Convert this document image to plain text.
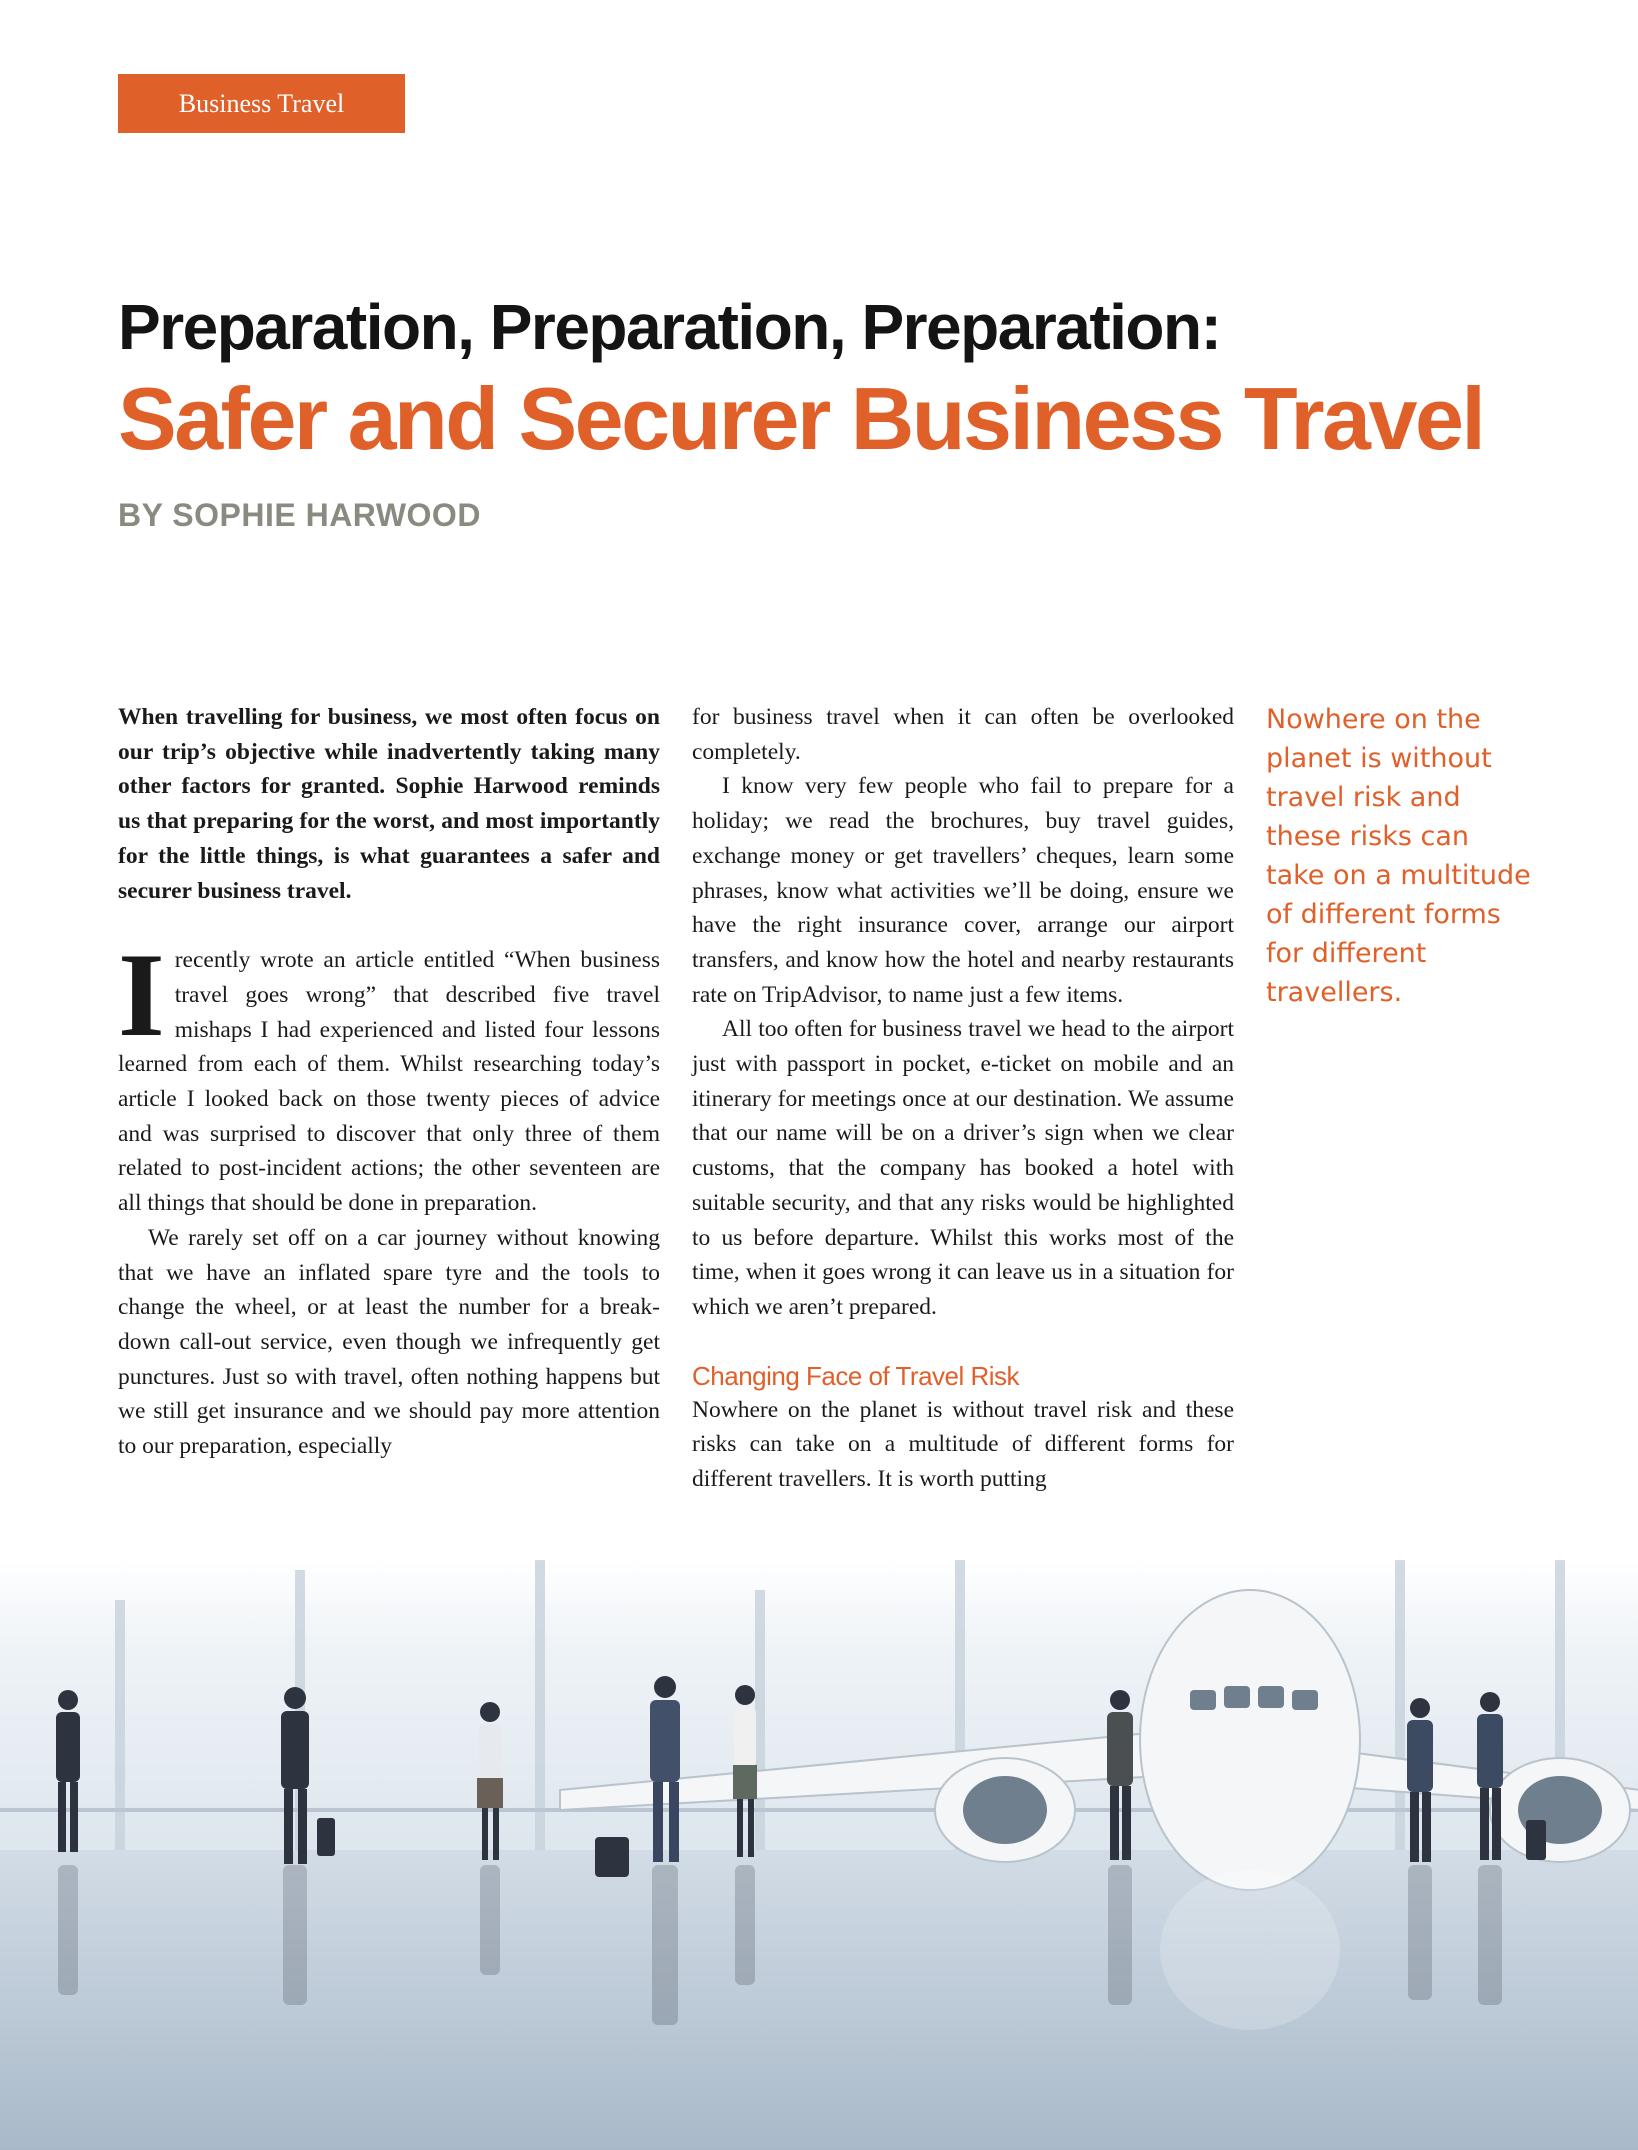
Business Travel
Preparation, Preparation, Preparation:
Safer and Securer Business Travel
BY SOPHIE HARWOOD

When travelling for business, we most often focus on our trip’s objective while inadvertently taking many other factors for granted. Sophie Harwood reminds us that preparing for the worst, and most importantly for the little things, is what guarantees a safer and securer business travel.

Irecently wrote an article entitled “When business travel goes wrong” that described five travel mishaps I had experienced and listed four lessons learned from each of them. Whilst researching today’s article I looked back on those twenty pieces of advice and was surprised to discover that only three of them related to post-incident actions; the other seventeen are all things that should be done in preparation.

We rarely set off on a car journey without knowing that we have an inflated spare tyre and the tools to change the wheel, or at least the number for a break-down call-out service, even though we infrequently get punctures. Just so with travel, often nothing happens but we still get insurance and we should pay more attention to our preparation, especially

for business travel when it can often be overlooked completely.

I know very few people who fail to prepare for a holiday; we read the brochures, buy travel guides, exchange money or get travellers’ cheques, learn some phrases, know what activities we’ll be doing, ensure we have the right insurance cover, arrange our airport transfers, and know how the hotel and nearby restaurants rate on TripAdvisor, to name just a few items.

All too often for business travel we head to the airport just with passport in pocket, e-ticket on mobile and an itinerary for meetings once at our destination. We assume that our name will be on a driver’s sign when we clear customs, that the company has booked a hotel with suitable security, and that any risks would be highlighted to us before departure. Whilst this works most of the time, when it goes wrong it can leave us in a situation for which we aren’t prepared.

Changing Face of Travel Risk

Nowhere on the planet is without travel risk and these risks can take on a multitude of different forms for different travellers. It is worth putting

Nowhere on the planet is without travel risk and these risks can take on a multitude of different forms for different travellers.
